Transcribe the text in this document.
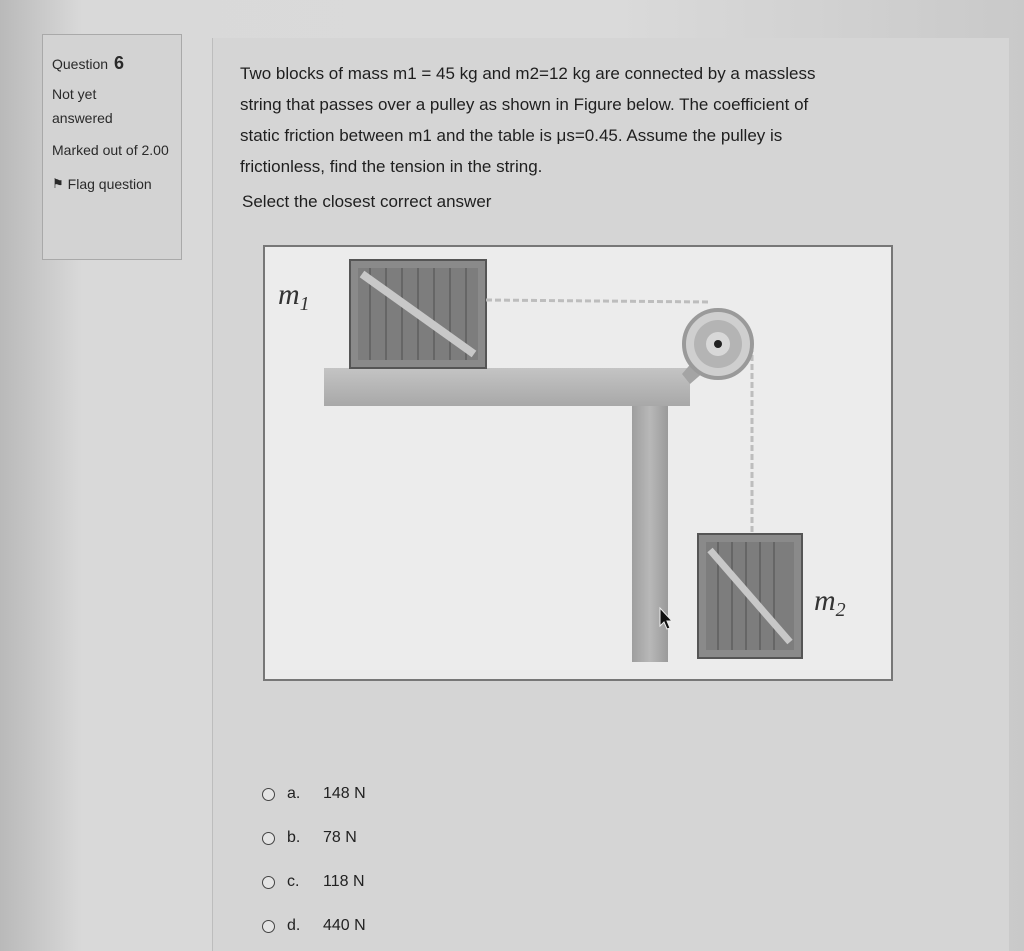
Question 6
Not yet answered
Marked out of 2.00
⚑ Flag question
Two blocks of mass m1 = 45 kg and m2=12 kg are connected by a massless
string that passes over a pulley as shown in Figure below. The coefficient of
static friction between m1 and the table is μs=0.45. Assume the pulley is
frictionless, find the tension in the string.
Select the closest correct answer
$m_1$
$m_2$
a.	148 N
b.	78 N
c.	118 N
d.	440 N
